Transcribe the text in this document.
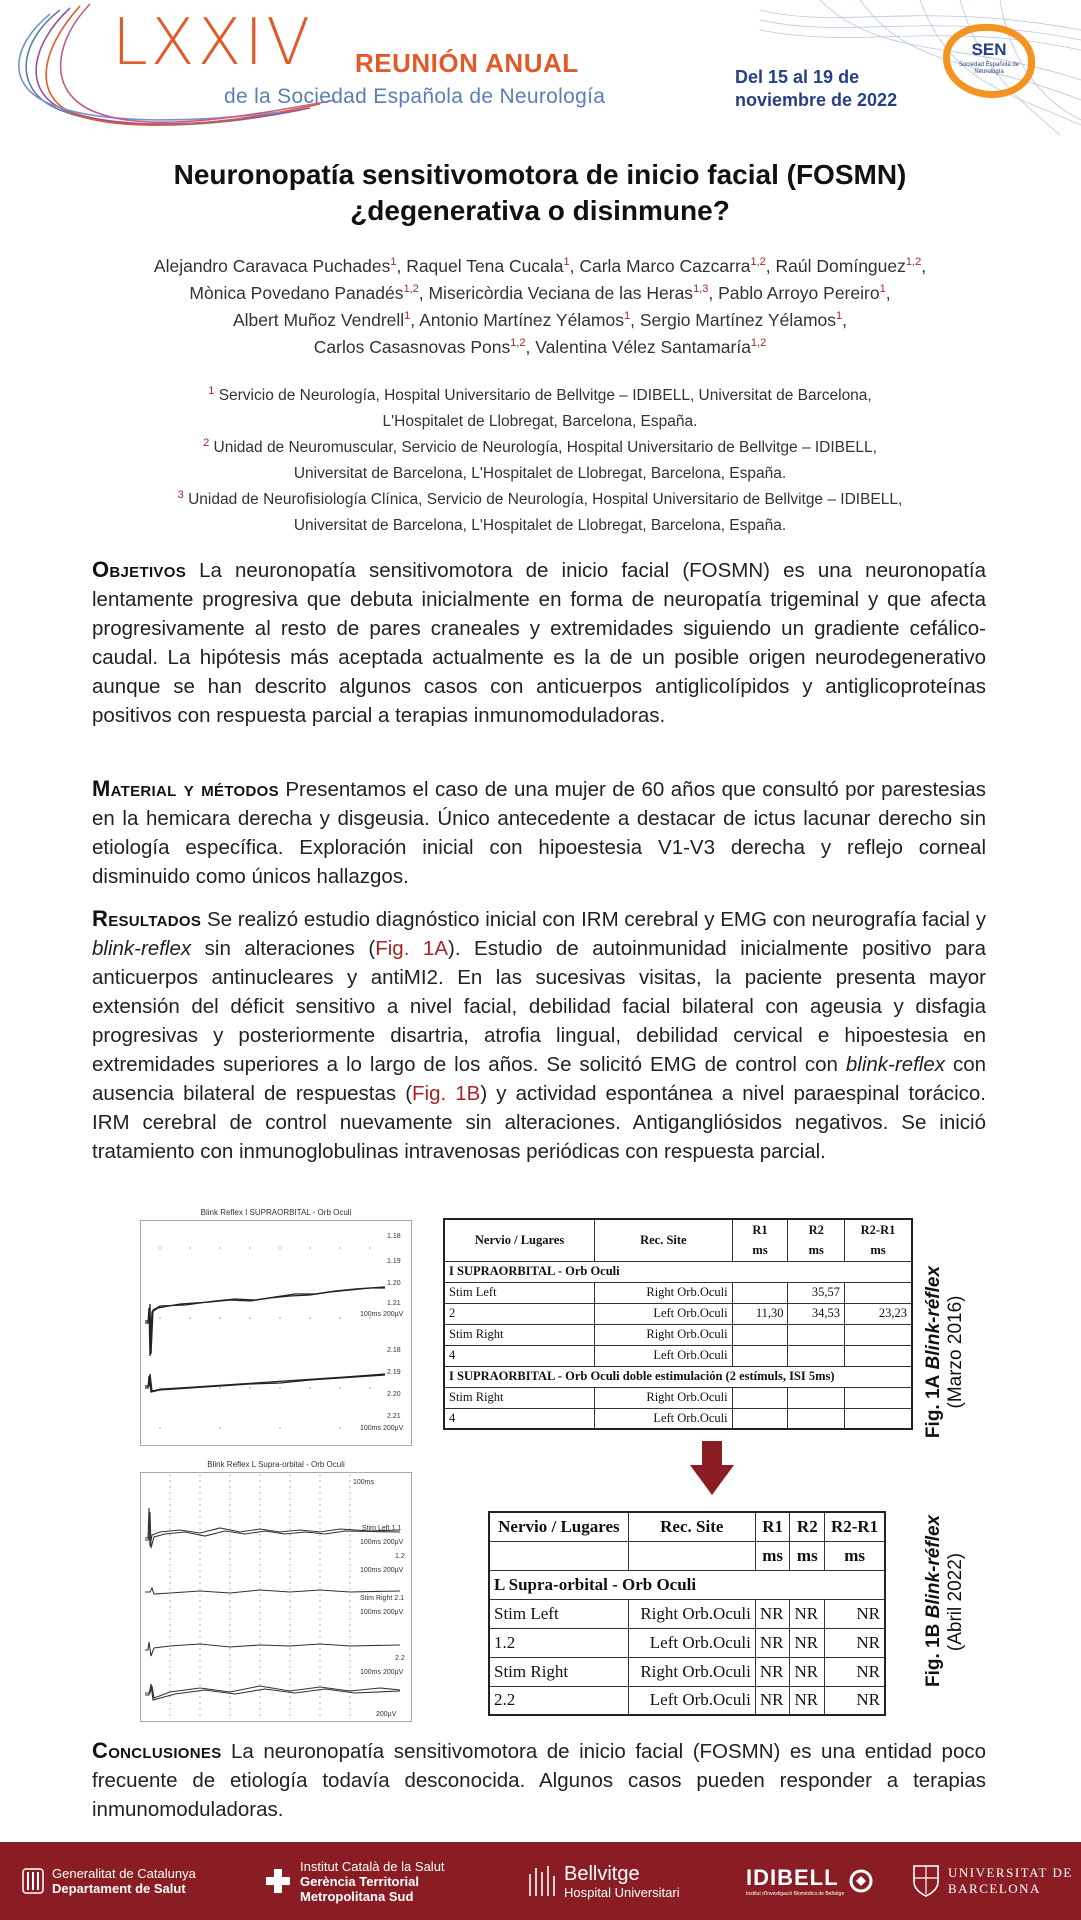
LXXIV REUNIÓN ANUAL
de la Sociedad Española de Neurología
Del 15 al 19 de
noviembre de 2022
SEN
Sociedad Española de Neurología
Neuronopatía sensitivomotora de inicio facial (FOSMN)
¿degenerativa o disinmune?
Alejandro Caravaca Puchades$^1$, Raquel Tena Cucala$^1$, Carla Marco Cazcarra$^{1,2}$, Raúl Domínguez$^{1,2}$,
Mònica Povedano Panadés$^{1,2}$, Misericòrdia Veciana de las Heras$^{1,3}$, Pablo Arroyo Pereiro$^1$,
Albert Muñoz Vendrell$^1$, Antonio Martínez Yélamos$^1$, Sergio Martínez Yélamos$^1$,
Carlos Casasnovas Pons$^{1,2}$, Valentina Vélez Santamaría$^{1,2}$
$^1$ Servicio de Neurología, Hospital Universitario de Bellvitge – IDIBELL, Universitat de Barcelona,
L'Hospitalet de Llobregat, Barcelona, España.
$^2$ Unidad de Neuromuscular, Servicio de Neurología, Hospital Universitario de Bellvitge – IDIBELL,
Universitat de Barcelona, L'Hospitalet de Llobregat, Barcelona, España.
$^3$ Unidad de Neurofisiología Clínica, Servicio de Neurología, Hospital Universitario de Bellvitge – IDIBELL,
Universitat de Barcelona, L'Hospitalet de Llobregat, Barcelona, España.
Objetivos La neuronopatía sensitivomotora de inicio facial (FOSMN) es una neuronopatía lentamente progresiva que debuta inicialmente en forma de neuropatía trigeminal y que afecta progresivamente al resto de pares craneales y extremidades siguiendo un gradiente cefálico-caudal. La hipótesis más aceptada actualmente es la de un posible origen neurodegenerativo aunque se han descrito algunos casos con anticuerpos antiglicolípidos y antiglicoproteínas positivos con respuesta parcial a terapias inmunomoduladoras.
Material y métodos Presentamos el caso de una mujer de 60 años que consultó por parestesias en la hemicara derecha y disgeusia. Único antecedente a destacar de ictus lacunar derecho sin etiología específica. Exploración inicial con hipoestesia V1-V3 derecha y reflejo corneal disminuido como únicos hallazgos.
Resultados Se realizó estudio diagnóstico inicial con IRM cerebral y EMG con neurografía facial y blink-reflex sin alteraciones (Fig. 1A). Estudio de autoinmunidad inicialmente positivo para anticuerpos antinucleares y antiMI2. En las sucesivas visitas, la paciente presenta mayor extensión del déficit sensitivo a nivel facial, debilidad facial bilateral con ageusia y disfagia progresivas y posteriormente disartria, atrofia lingual, debilidad cervical e hipoestesia en extremidades superiores a lo largo de los años. Se solicitó EMG de control con blink-reflex con ausencia bilateral de respuestas (Fig. 1B) y actividad espontánea a nivel paraespinal torácico. IRM cerebral de control nuevamente sin alteraciones. Antigangliósidos negativos. Se inició tratamiento con inmunoglobulinas intravenosas periódicas con respuesta parcial.
1.18
1.19
1.20
1.21
100ms 200µV
2.18
2.19
2.20
2.21
100ms 200µV
Blink Reflex I SUPRAORBITAL - Orb Oculi
Nervio / Lugares	Rec. Site	R1	R2	R2-R1
		ms	ms	ms
I SUPRAORBITAL - Orb Oculi				
Stim Left	Right Orb.Oculi		35,57	
2	Left Orb.Oculi	11,30	34,53	23,23
Stim Right	Right Orb.Oculi			
4	Left Orb.Oculi			
I SUPRAORBITAL - Orb Oculi doble estimulación (2 estímuls, ISI 5ms)				
Stim Right	Right Orb.Oculi			
4	Left Orb.Oculi				Fig. 1A Blink-réflex (Marzo 2016)
100ms
Stim Left 1.1
100ms 200µV
1.2
100ms 200µV
Stim Right 2.1
100ms 200µV
2.2
100ms 200µV
200µV
Blink Reflex L Supra-orbital - Orb Oculi
Nervio / Lugares	Rec. Site	R1	R2	R2-R1
		ms	ms	ms
L Supra-orbital - Orb Oculi				
Stim Left	Right Orb.Oculi	NR	NR	NR
1.2	Left Orb.Oculi	NR	NR	NR
Stim Right	Right Orb.Oculi	NR	NR	NR
2.2	Left Orb.Oculi	NR	NR	NR
Fig. 1B Blink-réflex (Abril 2022)
Conclusiones La neuronopatía sensitivomotora de inicio facial (FOSMN) es una entidad poco frecuente de etiología todavía desconocida. Algunos casos pueden responder a terapias inmunomoduladoras.
Generalitat de Catalunya
Departament de Salut
Institut Català de la Salut
Gerència Territorial
Metropolitana Sud
Bellvitge
Hospital Universitari
IDIBELL
Institut d'Investigació Biomèdica de Bellvitge
UNIVERSITAT DE
BARCELONA
